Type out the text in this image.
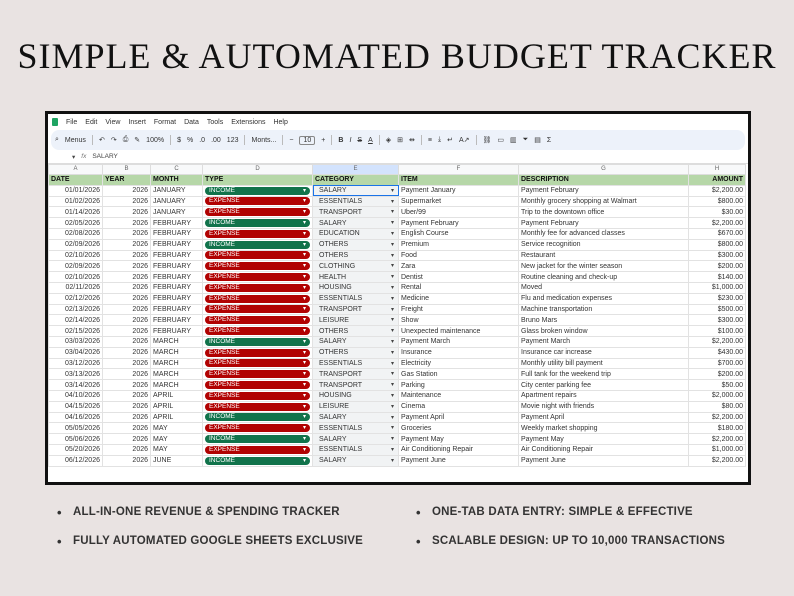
SIMPLE & AUTOMATED BUDGET TRACKER
File Edit View Insert Format Data Tools Extensions Help
⌕ Menus ↶ ↷ ⎙ ✎ 100% $ % .0 .00 123 Monts... −	10	+ B I S A ◈ ⊞ ⇹ ≡ ⤓ ↵ A↗ ⛓ ▭ ▥ ⏷ ▤ Σ
▾ fx SALARY
A	B	C	D	E	F	G	H
DATE	YEAR	MONTH	TYPE	CATEGORY	ITEM	DESCRIPTION	AMOUNT
01/01/2026	2026	JANUARY	INCOME ▾	SALARY ▾	Payment January	Payment February	$2,200.00
01/02/2026	2026	JANUARY	EXPENSE ▾	ESSENTIALS ▾	Supermarket	Monthly grocery shopping at Walmart	$800.00
01/14/2026	2026	JANUARY	EXPENSE ▾	TRANSPORT ▾	Uber/99	Trip to the downtown office	$30.00
02/05/2026	2026	FEBRUARY	INCOME ▾	SALARY ▾	Payment February	Payment February	$2,200.00
02/08/2026	2026	FEBRUARY	EXPENSE ▾	EDUCATION ▾	English Course	Monthly fee for advanced classes	$670.00
02/09/2026	2026	FEBRUARY	INCOME ▾	OTHERS ▾	Premium	Service recognition	$800.00
02/10/2026	2026	FEBRUARY	EXPENSE ▾	OTHERS ▾	Food	Restaurant	$300.00
02/09/2026	2026	FEBRUARY	EXPENSE ▾	CLOTHING ▾	Zara	New jacket for the winter season	$200.00
02/10/2026	2026	FEBRUARY	EXPENSE ▾	HEALTH ▾	Dentist	Routine cleaning and check-up	$140.00
02/11/2026	2026	FEBRUARY	EXPENSE ▾	HOUSING ▾	Rental	Moved	$1,000.00
02/12/2026	2026	FEBRUARY	EXPENSE ▾	ESSENTIALS ▾	Medicine	Flu and medication expenses	$230.00
02/13/2026	2026	FEBRUARY	EXPENSE ▾	TRANSPORT ▾	Freight	Machine transportation	$500.00
02/14/2026	2026	FEBRUARY	EXPENSE ▾	LEISURE ▾	Show	Bruno Mars	$300.00
02/15/2026	2026	FEBRUARY	EXPENSE ▾	OTHERS ▾	Unexpected maintenance	Glass broken window	$100.00
03/03/2026	2026	MARCH	INCOME ▾	SALARY ▾	Payment March	Payment March	$2,200.00
03/04/2026	2026	MARCH	EXPENSE ▾	OTHERS ▾	Insurance	Insurance car increase	$430.00
03/12/2026	2026	MARCH	EXPENSE ▾	ESSENTIALS ▾	Electricity	Monthly utility bill payment	$700.00
03/13/2026	2026	MARCH	EXPENSE ▾	TRANSPORT ▾	Gas Station	Full tank for the weekend trip	$200.00
03/14/2026	2026	MARCH	EXPENSE ▾	TRANSPORT ▾	Parking	City center parking fee	$50.00
04/10/2026	2026	APRIL	EXPENSE ▾	HOUSING ▾	Maintenance	Apartment repairs	$2,000.00
04/15/2026	2026	APRIL	EXPENSE ▾	LEISURE ▾	Cinema	Movie night with friends	$80.00
04/16/2026	2026	APRIL	INCOME ▾	SALARY ▾	Payment April	Payment April	$2,200.00
05/05/2026	2026	MAY	EXPENSE ▾	ESSENTIALS ▾	Groceries	Weekly market shopping	$180.00
05/06/2026	2026	MAY	INCOME ▾	SALARY ▾	Payment May	Payment May	$2,200.00
05/20/2026	2026	MAY	EXPENSE ▾	ESSENTIALS ▾	Air Conditioning Repair	Air Conditioning Repair	$1,000.00
06/12/2026	2026	JUNE	INCOME ▾	SALARY ▾	Payment June	Payment June	$2,200.00
• ALL-IN-ONE REVENUE & SPENDING TRACKER	• ONE-TAB DATA ENTRY: SIMPLE & EFFECTIVE
• FULLY AUTOMATED GOOGLE SHEETS EXCLUSIVE	• SCALABLE DESIGN: UP TO 10,000 TRANSACTIONS
